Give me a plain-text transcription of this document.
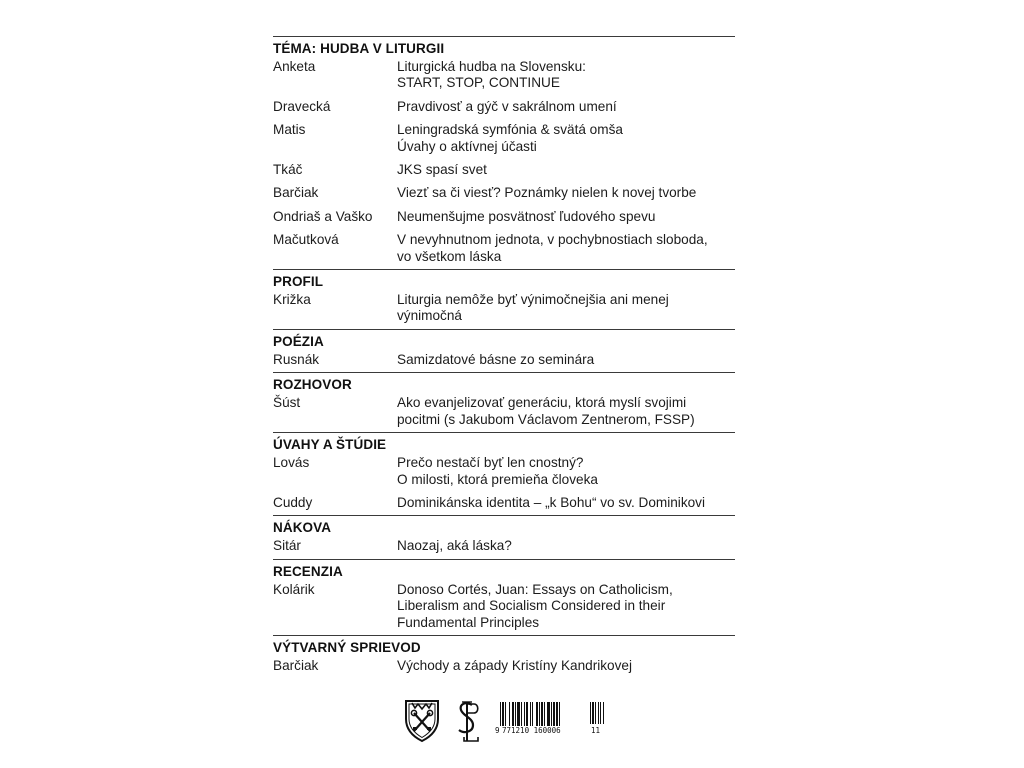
TÉMA: HUDBA V LITURGII
Anketa	Liturgická hudba na Slovensku:
START, STOP, CONTINUE
Dravecká	Pravdivosť a gýč v sakrálnom umení
Matis	Leningradská symfónia & svätá omša
Úvahy o aktívnej účasti
Tkáč	JKS spasí svet
Barčiak	Viezť sa či viesť? Poznámky nielen k novej tvorbe
Ondriaš a Vaško	Neumenšujme posvätnosť ľudového spevu
Mačutková	V nevyhnutnom jednota, v pochybnostiach sloboda,
vo všetkom láska
PROFIL
Križka	Liturgia nemôže byť výnimočnejšia ani menej
výnimočná
POÉZIA
Rusnák	Samizdatové básne zo seminára
ROZHOVOR
Šúst	Ako evanjelizovať generáciu, ktorá myslí svojimi
pocitmi (s Jakubom Václavom Zentnerom, FSSP)
ÚVAHY A ŠTÚDIE
Lovás	Prečo nestačí byť len cnostný?
O milosti, ktorá premieňa človeka
Cuddy	Dominikánska identita – „k Bohu“ vo sv. Dominikovi
NÁKOVA
Sitár	Naozaj, aká láska?
RECENZIA
Kolárik	Donoso Cortés, Juan: Essays on Catholicism,
Liberalism and Socialism Considered in their
Fundamental Principles
VÝTVARNÝ SPRIEVOD
Barčiak	Východy a západy Kristíny Kandrikovej
9 771210 160006	11
